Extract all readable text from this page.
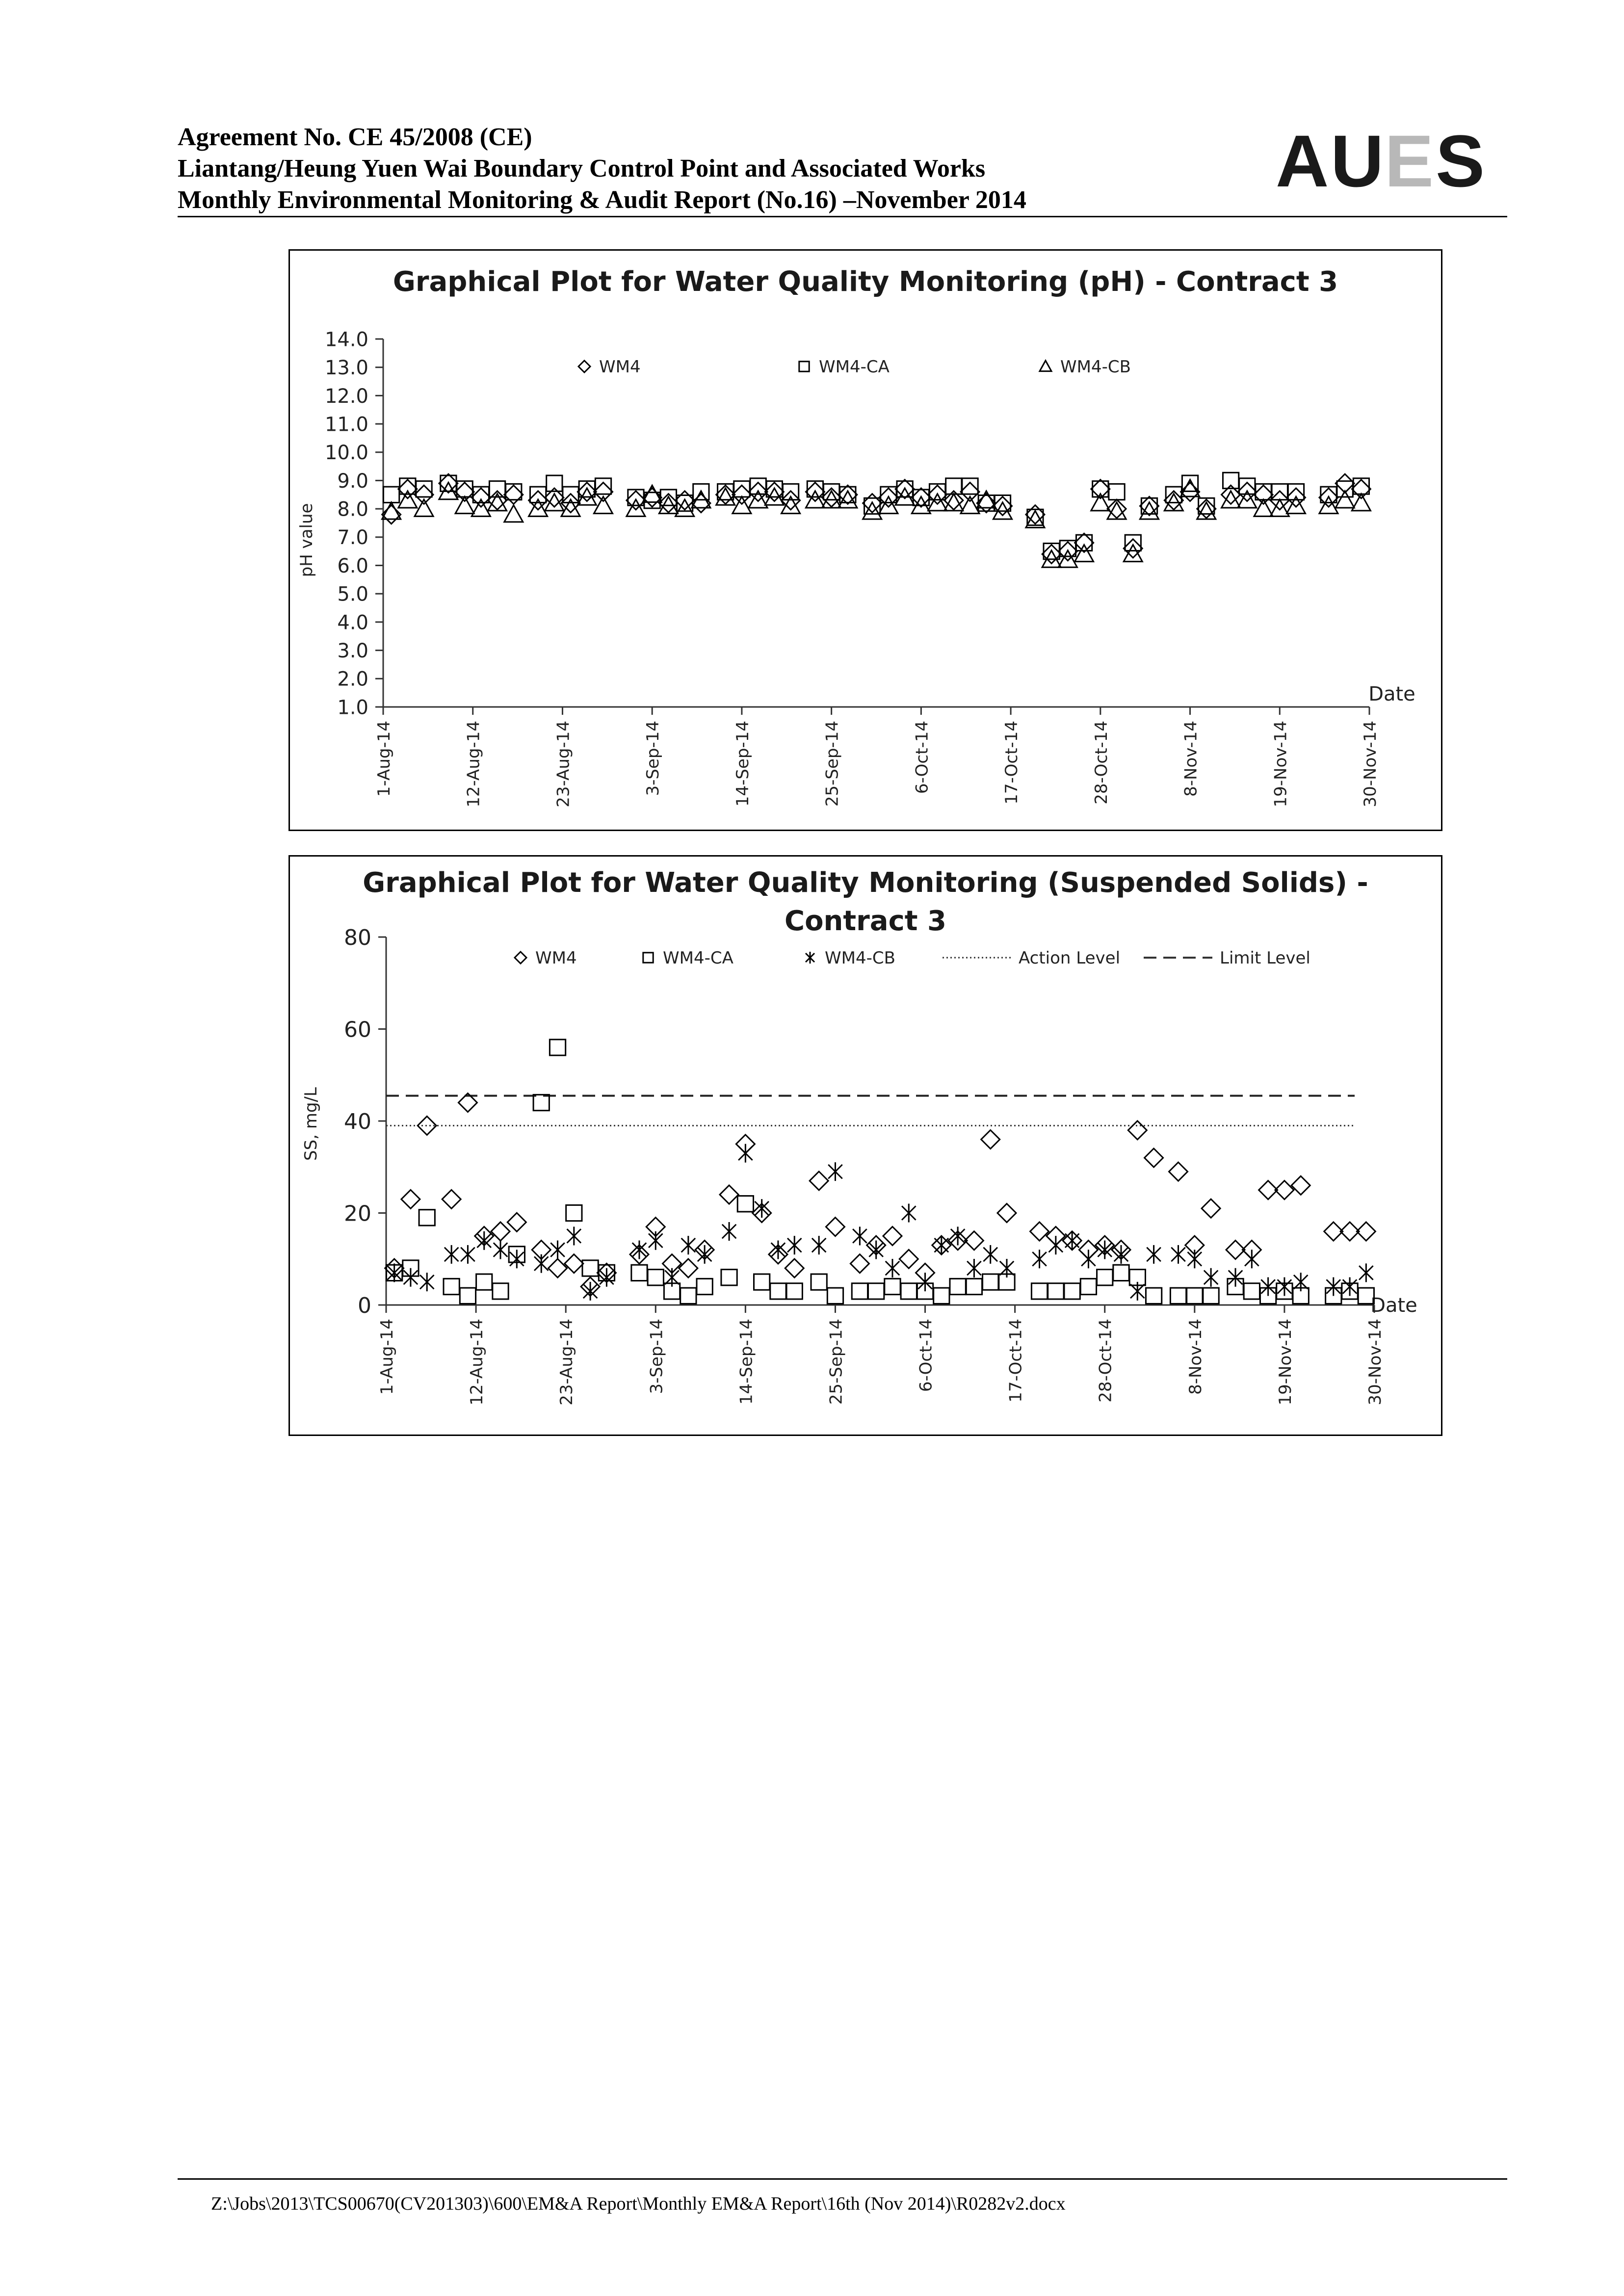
Agreement No. CE 45/2008 (CE)
Liantang/Heung Yuen Wai Boundary Control Point and Associated Works
Monthly Environmental Monitoring & Audit Report (No.16) –November 2014	A U E S
Graphical Plot for Water Quality Monitoring (pH) - Contract 3
1.0
2.0
3.0
4.0
5.0
6.0
7.0
8.0
9.0
10.0
11.0
12.0
13.0
14.0
1-Aug-14	12-Aug-14	23-Aug-14	3-Sep-14	14-Sep-14	25-Sep-14	6-Oct-14	17-Oct-14	28-Oct-14	8-Nov-14	19-Nov-14	30-Nov-14
pH value
Date
WM4	WM4-CA	WM4-CB
Graphical Plot for Water Quality Monitoring (Suspended Solids) -
Contract 3
0
20
40
60
80
1-Aug-14	12-Aug-14	23-Aug-14	3-Sep-14	14-Sep-14	25-Sep-14	6-Oct-14	17-Oct-14	28-Oct-14	8-Nov-14	19-Nov-14	30-Nov-14
SS, mg/L
Date
WM4	WM4-CA	WM4-CB	Action Level	Limit Level
Z:\Jobs\2013\TCS00670(CV201303)\600\EM&A Report\Monthly EM&A Report\16th (Nov 2014)\R0282v2.docx
